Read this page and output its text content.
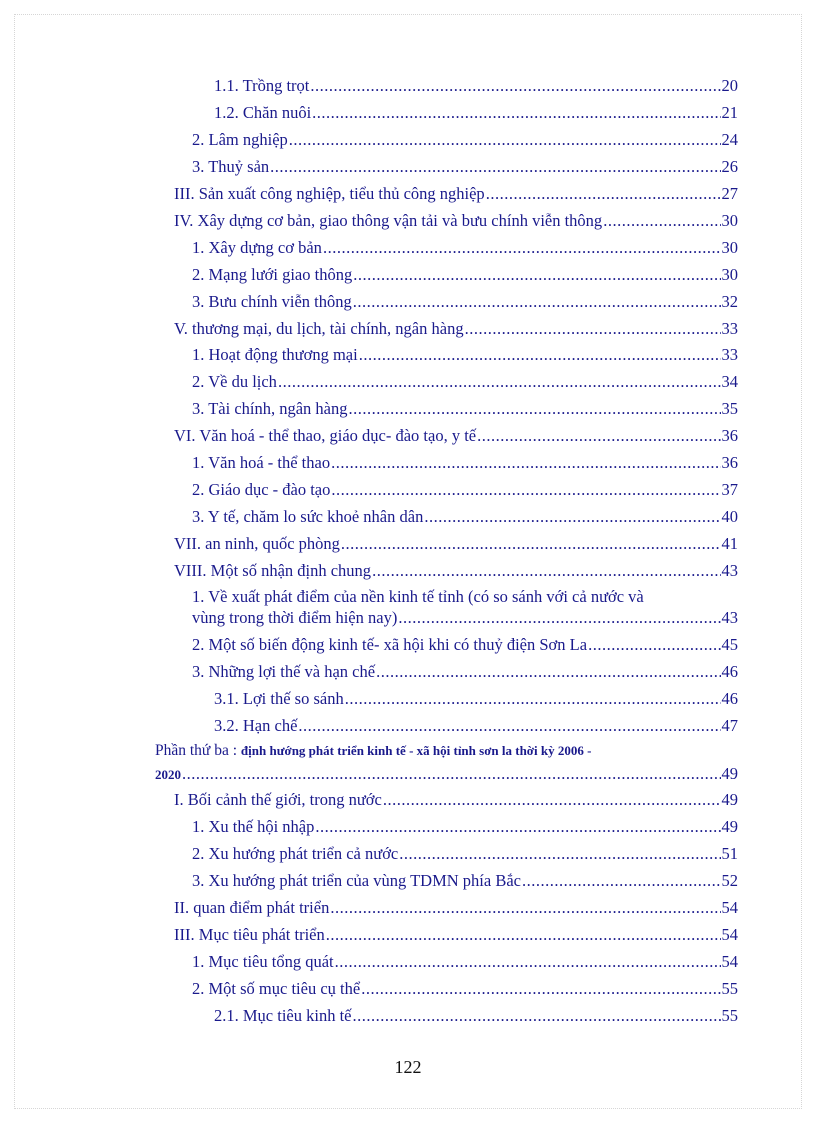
1.1. Trồng trọt .....	20
1.2. Chăn nuôi .....	21
2. Lâm nghiệp .....	24
3. Thuỷ sản .....	26
III. Sản xuất công nghiệp, tiểu thủ công nghiệp .....	27
IV. Xây dựng cơ bản, giao thông vận tải và bưu chính viễn thông .....	30
1. Xây dựng cơ bản .....	30
2. Mạng lưới giao thông .....	30
3. Bưu chính viễn thông .....	32
V. thương mại, du lịch, tài chính, ngân hàng .....	33
1. Hoạt động thương mại .....	33
2. Về du lịch .....	34
3. Tài chính, ngân hàng .....	35
VI. Văn hoá - thể thao, giáo dục- đào tạo, y tế .....	36
1. Văn hoá - thể thao .....	36
2. Giáo dục - đào tạo .....	37
3. Y tế, chăm lo sức khoẻ nhân dân .....	40
VII. an ninh, quốc phòng .....	41
VIII. Một số nhận định chung .....	43
1. Về xuất phát điểm của nền kinh tế tỉnh (có so sánh với cả nước và
vùng trong thời điểm hiện nay) .....	43
2. Một số biến động kinh tế- xã hội khi có thuỷ điện Sơn La .....	45
3. Những lợi thế và hạn chế .....	46
3.1. Lợi thế so sánh .....	46
3.2. Hạn chế .....	47
Phần thứ ba : định hướng phát triển kinh tế - xã hội tỉnh sơn la thời kỳ 2006 -
2020 .....	49
I. Bối cảnh thế giới, trong nước .....	49
1. Xu thế hội nhập .....	49
2. Xu hướng phát triển cả nước .....	51
3. Xu hướng phát triển của vùng TDMN phía Bắc .....	52
II. quan điểm phát triển .....	54
III. Mục tiêu phát triển .....	54
1. Mục tiêu tổng quát .....	54
2. Một số mục tiêu cụ thể .....	55
2.1. Mục tiêu kinh tế .....	55
122
